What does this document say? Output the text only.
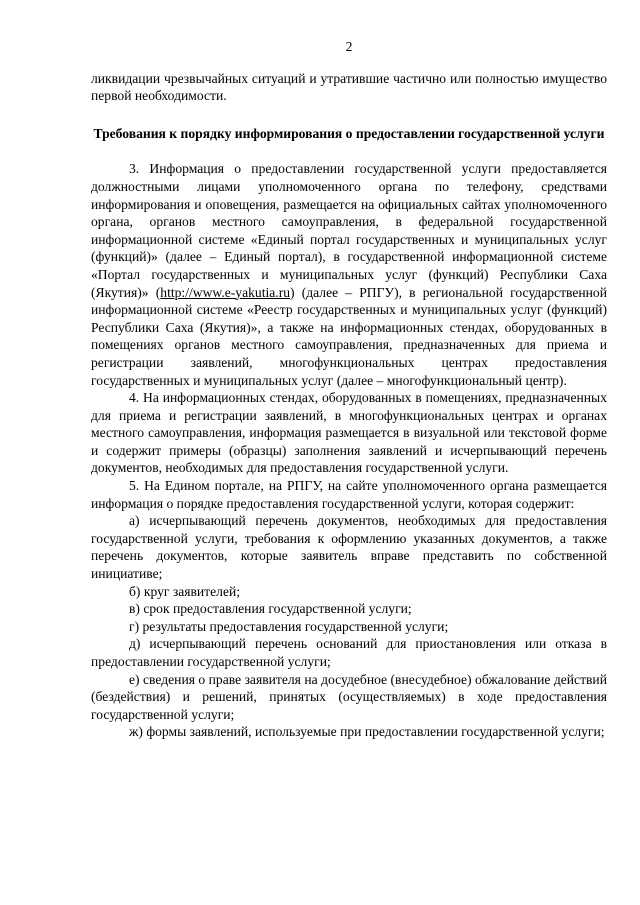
2

ликвидации чрезвычайных ситуаций и утратившие частично или полностью имущество первой необходимости.

Требования к порядку информирования о предоставлении государственной услуги

3. Информация о предоставлении государственной услуги предоставляется должностными лицами уполномоченного органа по телефону, средствами информирования и оповещения, размещается на официальных сайтах уполномоченного органа, органов местного самоуправления, в федеральной государственной информационной системе «Единый портал государственных и муниципальных услуг (функций)» (далее – Единый портал), в государственной информационной системе «Портал государственных и муниципальных услуг (функций) Республики Саха (Якутия)» (http://www.e-yakutia.ru) (далее – РПГУ), в региональной государственной информационной системе «Реестр государственных и муниципальных услуг (функций) Республики Саха (Якутия)», а также на информационных стендах, оборудованных в помещениях органов местного самоуправления, предназначенных для приема и регистрации заявлений, многофункциональных центрах предоставления государственных и муниципальных услуг (далее – многофункциональный центр).

4. На информационных стендах, оборудованных в помещениях, предназначенных для приема и регистрации заявлений, в многофункциональных центрах и органах местного самоуправления, информация размещается в визуальной или текстовой форме и содержит примеры (образцы) заполнения заявлений и исчерпывающий перечень документов, необходимых для предоставления государственной услуги.

5. На Едином портале, на РПГУ, на сайте уполномоченного органа размещается информация о порядке предоставления государственной услуги, которая содержит:

а) исчерпывающий перечень документов, необходимых для предоставления государственной услуги, требования к оформлению указанных документов, а также перечень документов, которые заявитель вправе представить по собственной инициативе;

б) круг заявителей;

в) срок предоставления государственной услуги;

г) результаты предоставления государственной услуги;

д) исчерпывающий перечень оснований для приостановления или отказа в предоставлении государственной услуги;

е) сведения о праве заявителя на досудебное (внесудебное) обжалование действий (бездействия) и решений, принятых (осуществляемых) в ходе предоставления государственной услуги;

ж) формы заявлений, используемые при предоставлении государственной услуги;
